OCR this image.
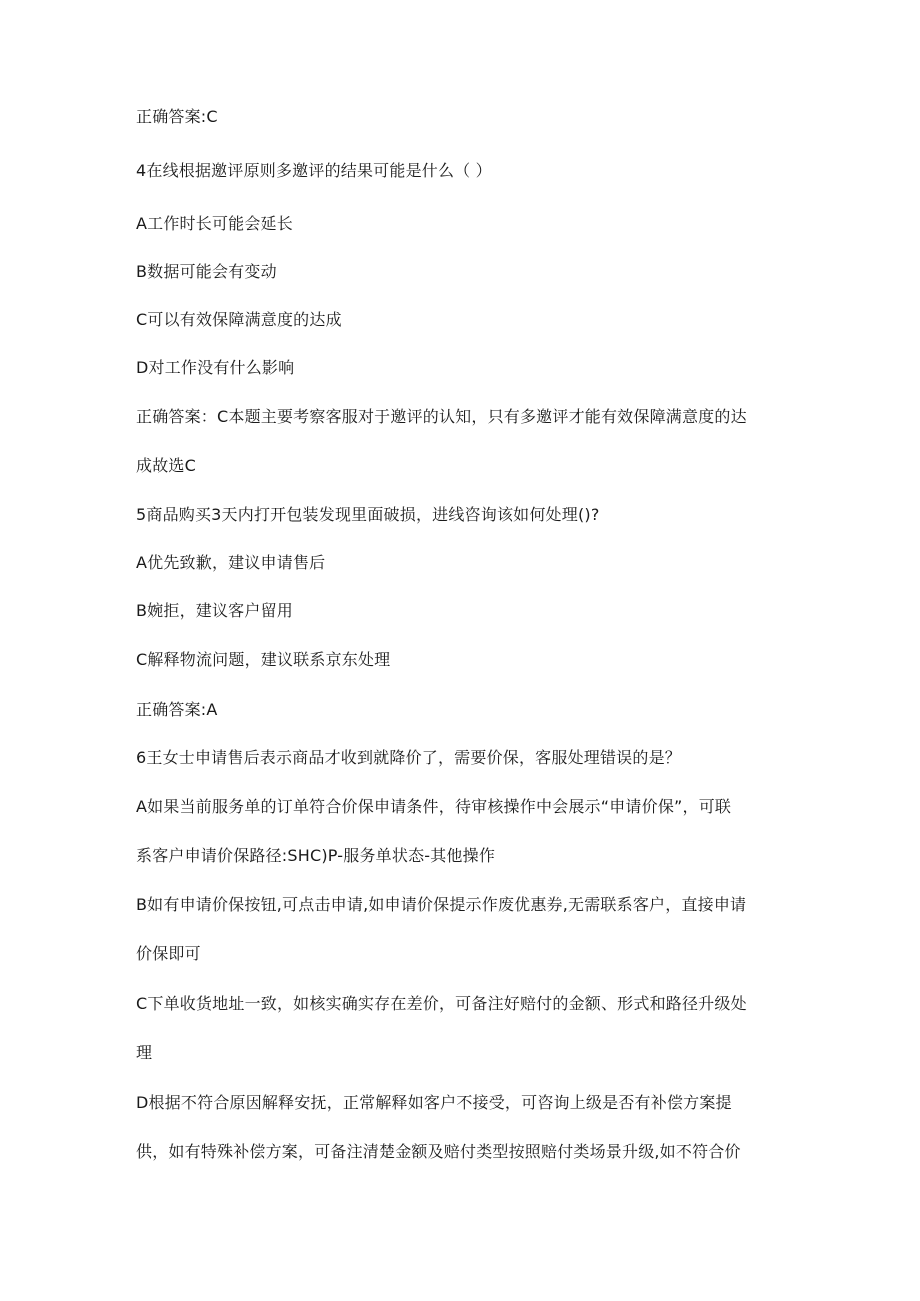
正确答案:C
4在线根据邀评原则多邀评的结果可能是什么（ ）
A工作时长可能会延长
B数据可能会有变动
C可以有效保障满意度的达成
D对工作没有什么影响
正确答案：C本题主要考察客服对于邀评的认知，只有多邀评才能有效保障满意度的达
成故选C
5商品购买3天内打开包装发现里面破损，进线咨询该如何处理()?
A优先致歉，建议申请售后
B婉拒，建议客户留用
C解释物流问题，建议联系京东处理
正确答案:A
6王女士申请售后表示商品才收到就降价了，需要价保，客服处理错误的是？
A如果当前服务单的订单符合价保申请条件，待审核操作中会展示“申请价保”，可联
系客户申请价保路径:SHC)P-服务单状态-其他操作
B如有申请价保按钮,可点击申请,如申请价保提示作废优惠券,无需联系客户，直接申请
价保即可
C下单收货地址一致，如核实确实存在差价，可备注好赔付的金额、形式和路径升级处
理
D根据不符合原因解释安抚，正常解释如客户不接受，可咨询上级是否有补偿方案提
供，如有特殊补偿方案，可备注清楚金额及赔付类型按照赔付类场景升级,如不符合价
